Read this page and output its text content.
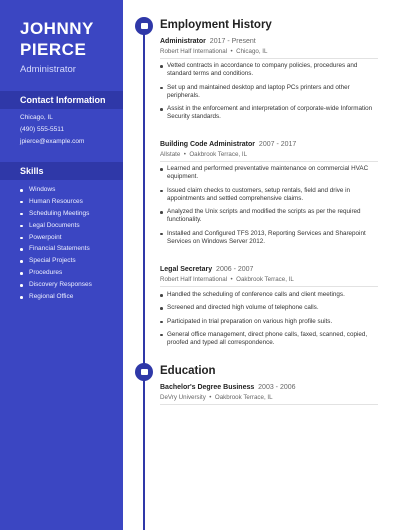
JOHNNY
PIERCE
Administrator
Contact Information
Chicago, IL
(490) 555-5511
jpierce@example.com
Skills
Windows
Human Resources
Scheduling Meetings
Legal Documents
Powerpoint
Financial Statements
Special Projects
Procedures
Discovery Responses
Regional Office
Employment History
Administrator 2017 - Present
Robert Half International  •  Chicago, IL
Vetted contracts in accordance to company policies, procedures and standard terms and conditions.
Set up and maintained desktop and laptop PCs printers and other peripherals.
Assist in the enforcement and interpretation of corporate-wide Information Security standards.
Building Code Administrator 2007 - 2017
Allstate  •  Oakbrook Terrace, IL
Learned and performed preventative maintenance on commercial HVAC equipment.
Issued claim checks to customers, setup rentals, field and drive in appointments and settled comprehensive claims.
Analyzed the Unix scripts and modified the scripts as per the required functionality.
Installed and Configured TFS 2013, Reporting Services and Sharepoint Services on Windows Server 2012.
Legal Secretary 2006 - 2007
Robert Half International  •  Oakbrook Terrace, IL
Handled the scheduling of conference calls and client meetings.
Screened and directed high volume of telephone calls.
Participated in trial preparation on various high profile suits.
General office management, direct phone calls, faxed, scanned, copied, proofed and typed all correspondence.
Education
Bachelor's Degree Business 2003 - 2006
DeVry University  •  Oakbrook Terrace, IL
